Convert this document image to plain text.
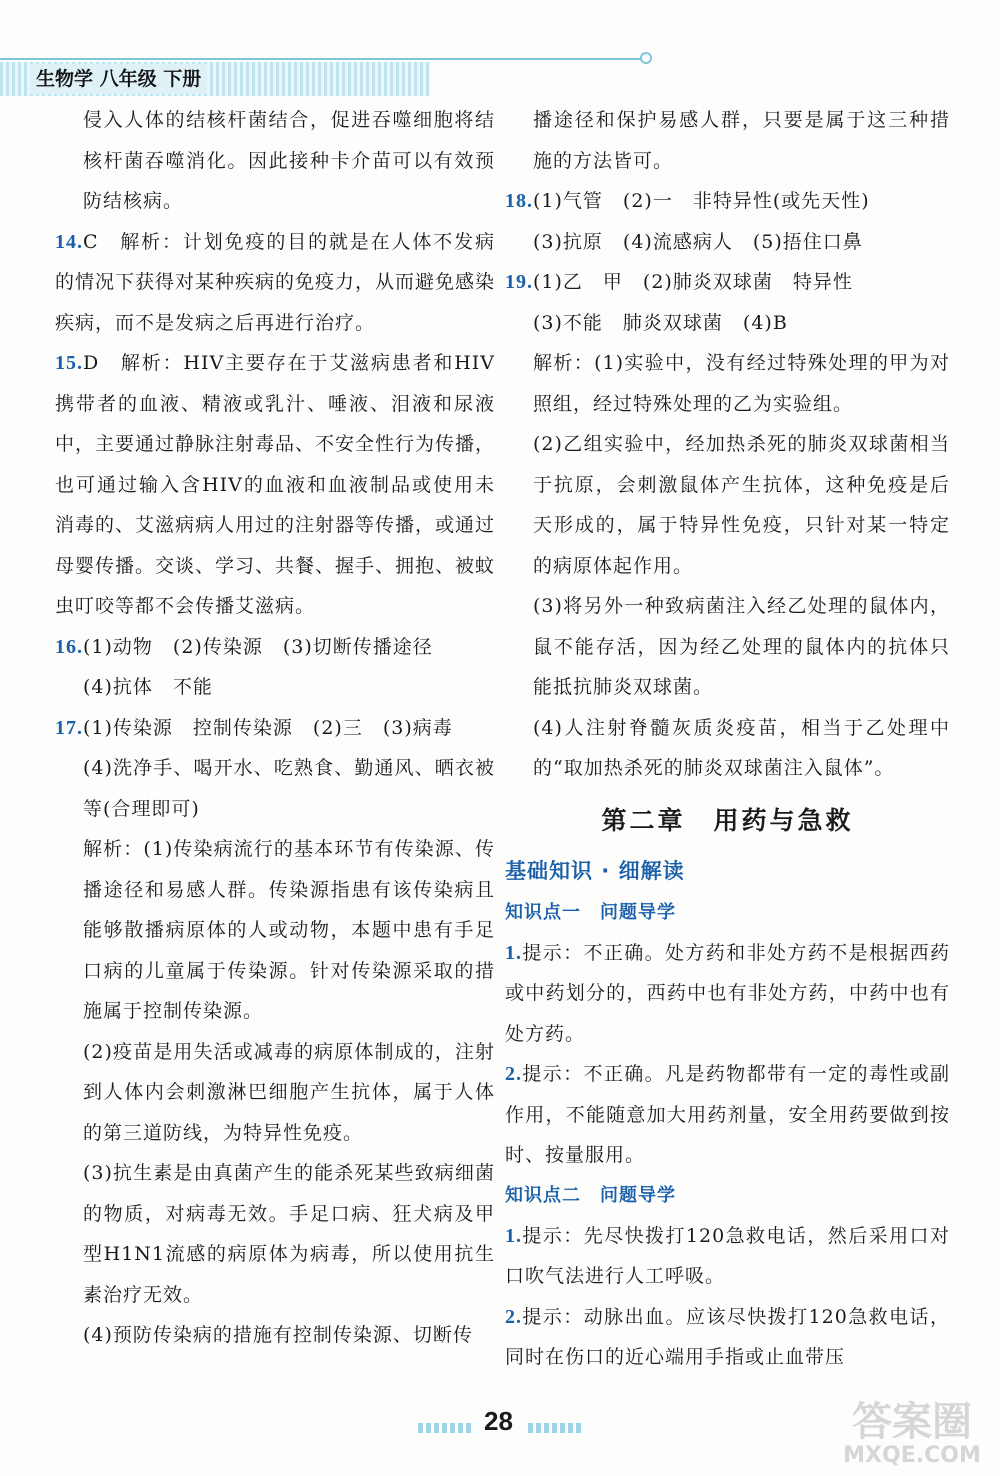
生物学 八年级 下册

侵入人体的结核杆菌结合，促进吞噬细胞将结核杆菌吞噬消化。因此接种卡介苗可以有效预防结核病。

14.C　解析：计划免疫的目的就是在人体不发病的情况下获得对某种疾病的免疫力，从而避免感染疾病，而不是发病之后再进行治疗。

15.D　解析：HIV主要存在于艾滋病患者和HIV携带者的血液、精液或乳汁、唾液、泪液和尿液中，主要通过静脉注射毒品、不安全性行为传播，也可通过输入含HIV的血液和血液制品或使用未消毒的、艾滋病病人用过的注射器等传播，或通过母婴传播。交谈、学习、共餐、握手、拥抱、被蚊虫叮咬等都不会传播艾滋病。

16.(1)动物　(2)传染源　(3)切断传播途径

(4)抗体　不能

17.(1)传染源　控制传染源　(2)三　(3)病毒

(4)洗净手、喝开水、吃熟食、勤通风、晒衣被等(合理即可)

解析：(1)传染病流行的基本环节有传染源、传播途径和易感人群。传染源指患有该传染病且能够散播病原体的人或动物，本题中患有手足口病的儿童属于传染源。针对传染源采取的措施属于控制传染源。

(2)疫苗是用失活或减毒的病原体制成的，注射到人体内会刺激淋巴细胞产生抗体，属于人体的第三道防线，为特异性免疫。

(3)抗生素是由真菌产生的能杀死某些致病细菌的物质，对病毒无效。手足口病、狂犬病及甲型H1N1流感的病原体为病毒，所以使用抗生素治疗无效。

(4)预防传染病的措施有控制传染源、切断传

播途径和保护易感人群，只要是属于这三种措施的方法皆可。

18.(1)气管　(2)一　非特异性(或先天性)

(3)抗原　(4)流感病人　(5)捂住口鼻

19.(1)乙　甲　(2)肺炎双球菌　特异性

(3)不能　肺炎双球菌　(4)B

解析：(1)实验中，没有经过特殊处理的甲为对照组，经过特殊处理的乙为实验组。

(2)乙组实验中，经加热杀死的肺炎双球菌相当于抗原，会刺激鼠体产生抗体，这种免疫是后天形成的，属于特异性免疫，只针对某一特定的病原体起作用。

(3)将另外一种致病菌注入经乙处理的鼠体内，鼠不能存活，因为经乙处理的鼠体内的抗体只能抵抗肺炎双球菌。

(4)人注射脊髓灰质炎疫苗，相当于乙处理中的“取加热杀死的肺炎双球菌注入鼠体”。

第二章　用药与急救
基础知识 · 细解读
知识点一　问题导学

1.提示：不正确。处方药和非处方药不是根据西药或中药划分的，西药中也有非处方药，中药中也有处方药。

2.提示：不正确。凡是药物都带有一定的毒性或副作用，不能随意加大用药剂量，安全用药要做到按时、按量服用。

知识点二　问题导学

1.提示：先尽快拨打120急救电话，然后采用口对口吹气法进行人工呼吸。

2.提示：动脉出血。应该尽快拨打120急救电话，同时在伤口的近心端用手指或止血带压

28	答案圈
MXQE.COM
